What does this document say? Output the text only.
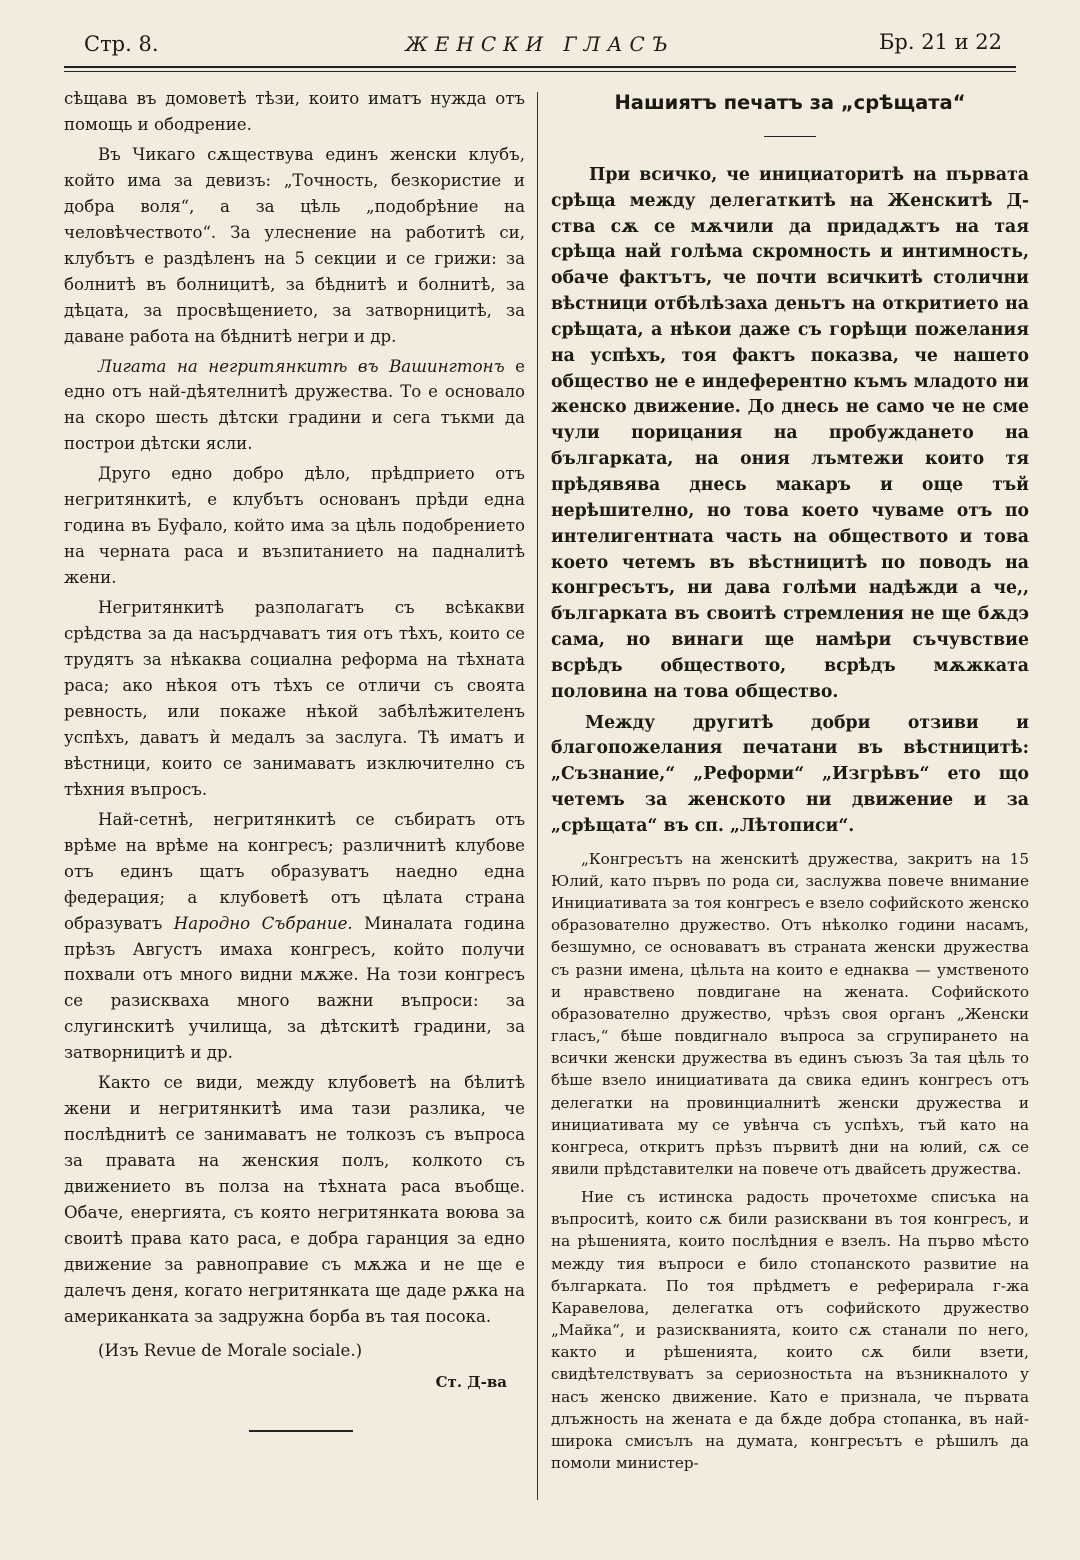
Стр. 8.	ЖЕНСКИ ГЛАСЪ	Бр. 21 и 22

сѣщава въ домоветѣ тѣзи, които иматъ нужда отъ помощь и ободрение.

Въ Чикаго сѫществува единъ женски клубъ, който има за девизъ: „Точность, безкористие и добра воля“, а за цѣль „подобрѣние на человѣчеството“. За улеснение на работитѣ си, клубътъ е раздѣленъ на 5 секции и се грижи: за болнитѣ въ болницитѣ, за бѣднитѣ и болнитѣ, за дѣцата, за просвѣщението, за затворницитѣ, за даване работа на бѣднитѣ негри и др.

Лигата на негритянкитѣ въ Вашингтонъ е едно отъ най-дѣятелнитѣ дружества. То е основало на скоро шесть дѣтски градини и сега тъкми да построи дѣтски ясли.

Друго едно добро дѣло, прѣдприето отъ негритянкитѣ, е клубътъ основанъ прѣди една година въ Буфало, който има за цѣль подобрението на черната раса и възпитанието на падналитѣ жени.

Негритянкитѣ разполагатъ съ всѣкакви срѣдства за да насърдчаватъ тия отъ тѣхъ, които се трудятъ за нѣкаква социална реформа на тѣхната раса; ако нѣкоя отъ тѣхъ се отличи съ своята ревность, или покаже нѣкой забѣлѣжителенъ успѣхъ, даватъ ѝ медалъ за заслуга. Тѣ иматъ и вѣстници, които се занимаватъ изключително съ тѣхния въпросъ.

Най-сетнѣ, негритянкитѣ се събиратъ отъ врѣме на врѣме на конгресъ; различнитѣ клубове отъ единъ щатъ образуватъ наедно една федерация; а клубоветѣ отъ цѣлата страна образуватъ Народно Събрание. Миналата година прѣзъ Августъ имаха конгресъ, който получи похвали отъ много видни мѫже. На този конгресъ се разискваха много важни въпроси: за слугинскитѣ училища, за дѣтскитѣ градини, за затворницитѣ и др.

Както се види, между клубоветѣ на бѣлитѣ жени и негритянкитѣ има тази разлика, че послѣднитѣ се занимаватъ не толкозъ съ въпроса за правата на женския полъ, колкото съ движението въ полза на тѣхната раса въобще. Обаче, енергията, съ която негритянката воюва за своитѣ права като раса, е добра гаранция за едно движение за равноправие съ мѫжа и не ще е далечъ деня, когато негритянката ще даде рѫка на американката за задружна борба въ тая посока.

(Изъ Revue de Morale sociale.)

Ст. Д-ва

Нашиятъ печатъ за „срѣщата“

При всичко, че инициаторитѣ на първата срѣща между делегаткитѣ на Женскитѣ Д-ства сѫ се мѫчили да придадѫтъ на тая срѣща най голѣма скромность и интимность, обаче фактътъ, че почти всичкитѣ столични вѣстници отбѣлѣзаха деньтъ на откритието на срѣщата, а нѣкои даже съ горѣщи пожелания на успѣхъ, тоя фактъ показва, че нашето общество не е индеферентно къмъ младото ни женско движение. До днесь не само че не сме чули порицания на пробуждането на българката, на ония лъмтежи които тя прѣдявява днесь макаръ и още тъй нерѣшително, но това което чуваме отъ по интелигентната часть на обществото и това което четемъ въ вѣстницитѣ по поводъ на конгресътъ, ни дава голѣми надѣжди а че,, българката въ своитѣ стремления не ще бѫдэ сама, но винаги ще намѣри съчувствие всрѣдъ обществото, всрѣдъ мѫжката половина на това общество.

Между другитѣ добри отзиви и благопожелания печатани въ вѣстницитѣ: „Съзнание,“ „Реформи“ „Изгрѣвъ“ ето що четемъ за женското ни движение и за „срѣщата“ въ сп. „Лѣтописи“.

„Конгресътъ на женскитѣ дружества, закритъ на 15 Юлий, като първъ по рода си, заслужва повече внимание Инициативата за тоя конгресъ е взело софийското женско образователно дружество. Отъ нѣколко години насамъ, безшумно, се основаватъ въ страната женски дружества съ разни имена, цѣльта на които е еднаква — умственото и нравствено повдигане на жената. Софийското образователно дружество, чрѣзъ своя органъ „Женски гласъ,“ бѣше повдигнало въпроса за сгрупирането на всички женски дружества въ единъ съюзъ За тая цѣль то бѣше взело инициативата да свика единъ конгресъ отъ делегатки на провинциалнитѣ женски дружества и инициативата му се увѣнча съ успѣхъ, тъй като на конгреса, откритъ прѣзъ първитѣ дни на юлий, сѫ се явили прѣдставителки на повече отъ двайсеть дружества.

Ние съ истинска радость прочетохме списъка на въпроситѣ, които сѫ били разисквани въ тоя конгресъ, и на рѣшенията, които послѣдния е взелъ. На първо мѣсто между тия въпроси е било стопанското развитие на българката. По тоя прѣдметъ е реферирала г-жа Каравелова, делегатка отъ софийското дружество „Майка“, и разискванията, които сѫ станали по него, както и рѣшенията, които сѫ били взети, свидѣтелствуватъ за сериозностьта на възникналото у насъ женско движение. Като е признала, че първата длъжность на жената е да бѫде добра стопанка, въ най-широка смисълъ на думата, конгресътъ е рѣшилъ да помоли министер-
